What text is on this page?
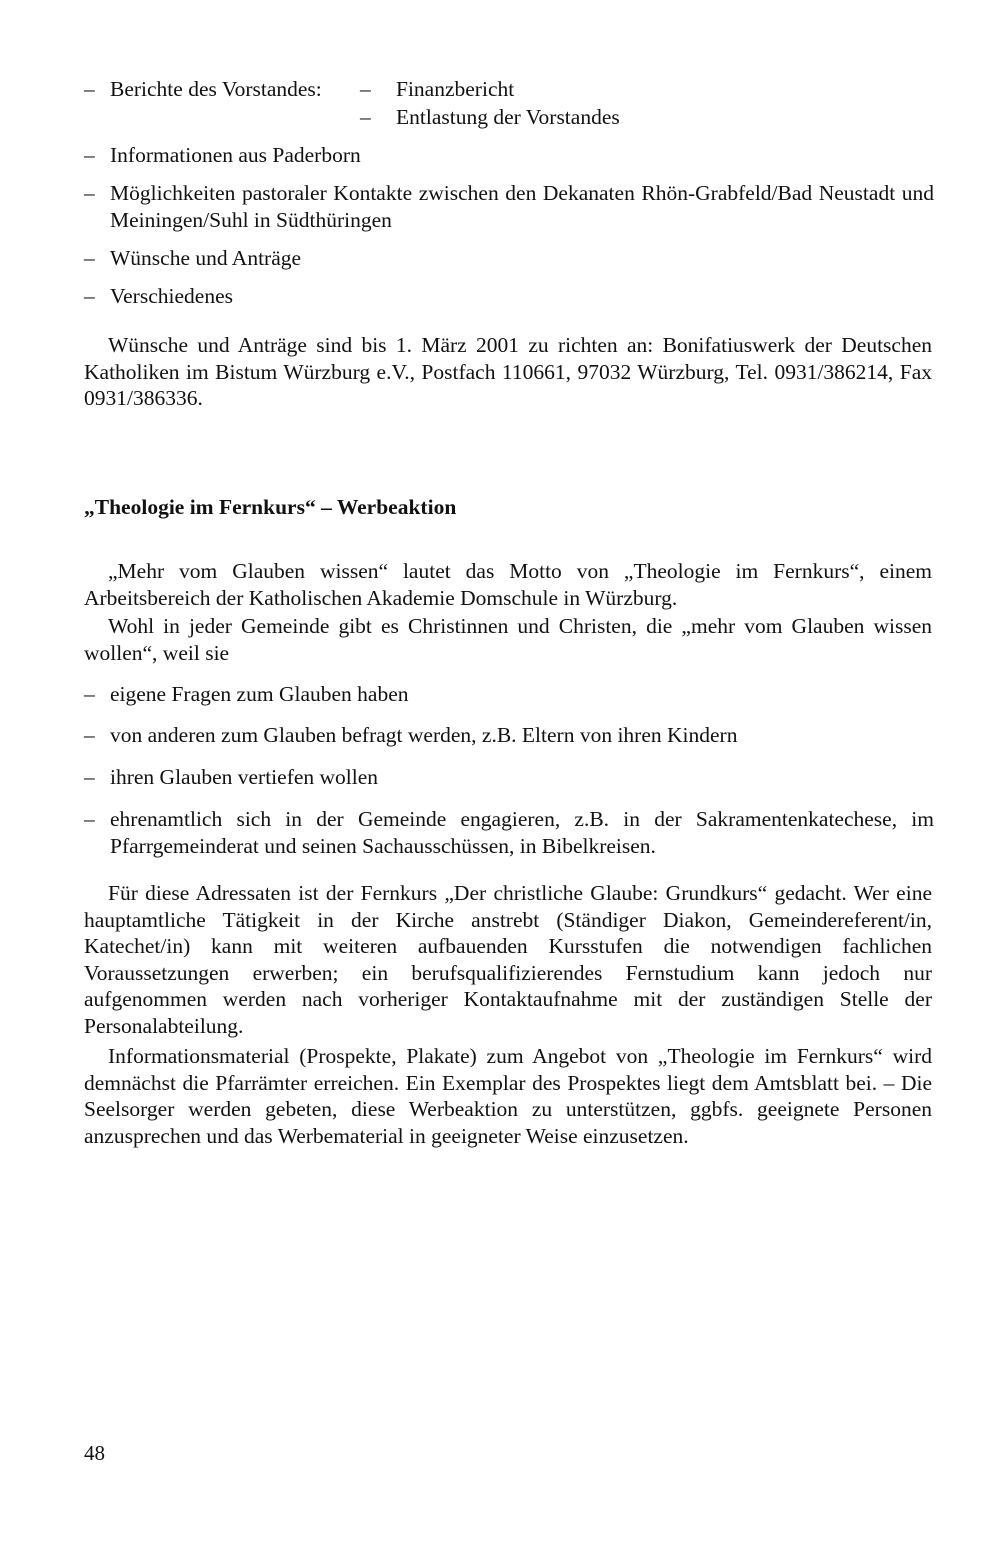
– Berichte des Vorstandes:	–	Finanzbericht
–	Entlastung der Vorstandes
– Informationen aus Paderborn
– Möglichkeiten pastoraler Kontakte zwischen den Dekanaten Rhön-Grabfeld/Bad Neustadt und Meiningen/Suhl in Südthüringen
– Wünsche und Anträge
– Verschiedenes
Wünsche und Anträge sind bis 1. März 2001 zu richten an: Bonifatiuswerk der Deutschen Katholiken im Bistum Würzburg e.V., Postfach 110661, 97032 Würzburg, Tel. 0931/386214, Fax 0931/386336.
„Theologie im Fernkurs“ – Werbeaktion
„Mehr vom Glauben wissen“ lautet das Motto von „Theologie im Fernkurs“, einem Arbeitsbereich der Katholischen Akademie Domschule in Würzburg.
Wohl in jeder Gemeinde gibt es Christinnen und Christen, die „mehr vom Glauben wissen wollen“, weil sie
– eigene Fragen zum Glauben haben
– von anderen zum Glauben befragt werden, z.B. Eltern von ihren Kindern
– ihren Glauben vertiefen wollen
– ehrenamtlich sich in der Gemeinde engagieren, z.B. in der Sakramentenkatechese, im Pfarrgemeinderat und seinen Sachausschüssen, in Bibelkreisen.
Für diese Adressaten ist der Fernkurs „Der christliche Glaube: Grundkurs“ gedacht. Wer eine hauptamtliche Tätigkeit in der Kirche anstrebt (Ständiger Diakon, Gemeindereferent/in, Katechet/in) kann mit weiteren aufbauenden Kursstufen die notwendigen fachlichen Voraussetzungen erwerben; ein berufsqualifizierendes Fernstudium kann jedoch nur aufgenommen werden nach vorheriger Kontaktaufnahme mit der zuständigen Stelle der Personalabteilung.
Informationsmaterial (Prospekte, Plakate) zum Angebot von „Theologie im Fernkurs“ wird demnächst die Pfarrämter erreichen. Ein Exemplar des Prospektes liegt dem Amtsblatt bei. – Die Seelsorger werden gebeten, diese Werbeaktion zu unterstützen, ggbfs. geeignete Personen anzusprechen und das Werbematerial in geeigneter Weise einzusetzen.
48
